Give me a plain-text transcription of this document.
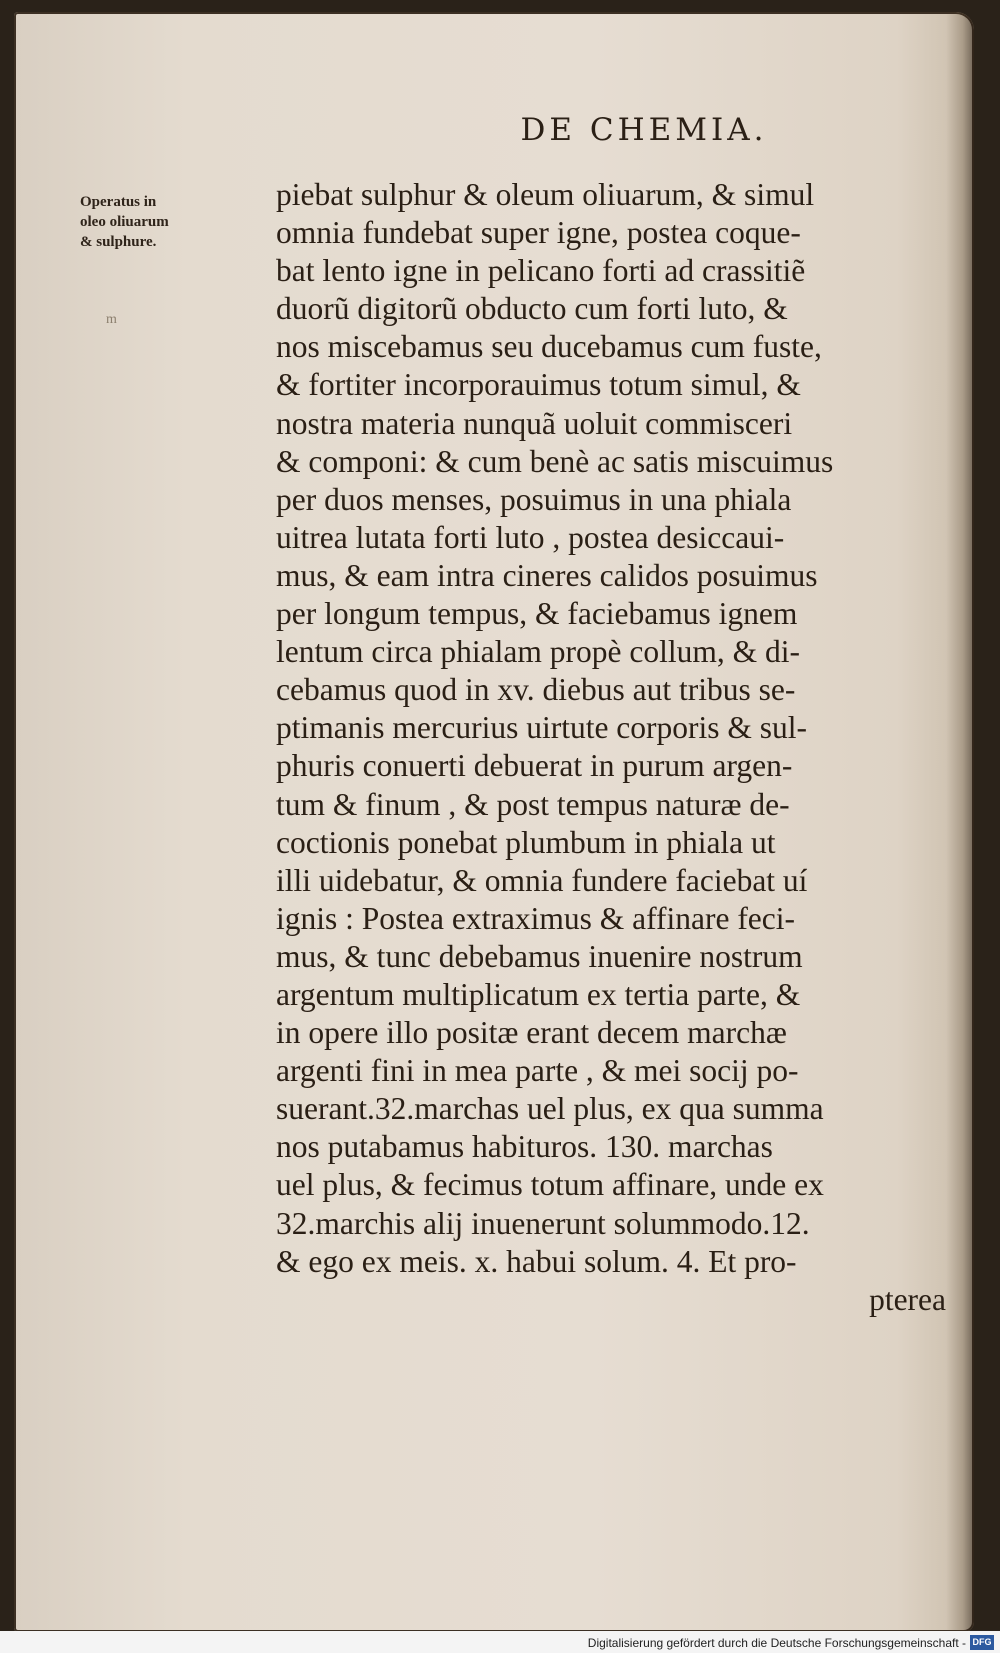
DE CHEMIA.
Operatus in
oleo oliuarum
& sulphure.
m
piebat sulphur & oleum oliuarum, & simul
omnia fundebat super igne, postea coque-
bat lento igne in pelicano forti ad crassitiẽ
duorũ digitorũ obducto cum forti luto, &
nos miscebamus seu ducebamus cum fuste,
& fortiter incorporauimus totum simul, &
nostra materia nunquã uoluit commisceri
& componi: & cum benè ac satis miscuimus
per duos menses, posuimus in una phiala
uitrea lutata forti luto , postea desiccaui-
mus, & eam intra cineres calidos posuimus
per longum tempus, & faciebamus ignem
lentum circa phialam propè collum, & di-
cebamus quod in xv. diebus aut tribus se-
ptimanis mercurius uirtute corporis & sul-
phuris conuerti debuerat in purum argen-
tum & finum , & post tempus naturæ de-
coctionis ponebat plumbum in phiala ut
illi uidebatur, & omnia fundere faciebat uí
ignis : Postea extraximus & affinare feci-
mus, & tunc debebamus inuenire nostrum
argentum multiplicatum ex tertia parte, &
in opere illo positæ erant decem marchæ
argenti fini in mea parte , & mei socij po-
suerant.32.marchas uel plus, ex qua summa
nos putabamus habituros. 130. marchas
uel plus, & fecimus totum affinare, unde ex
32.marchis alij inuenerunt solummodo.12.
& ego ex meis. x. habui solum. 4. Et pro-
pterea
Digitalisierung gefördert durch die Deutsche Forschungsgemeinschaft - DFG
